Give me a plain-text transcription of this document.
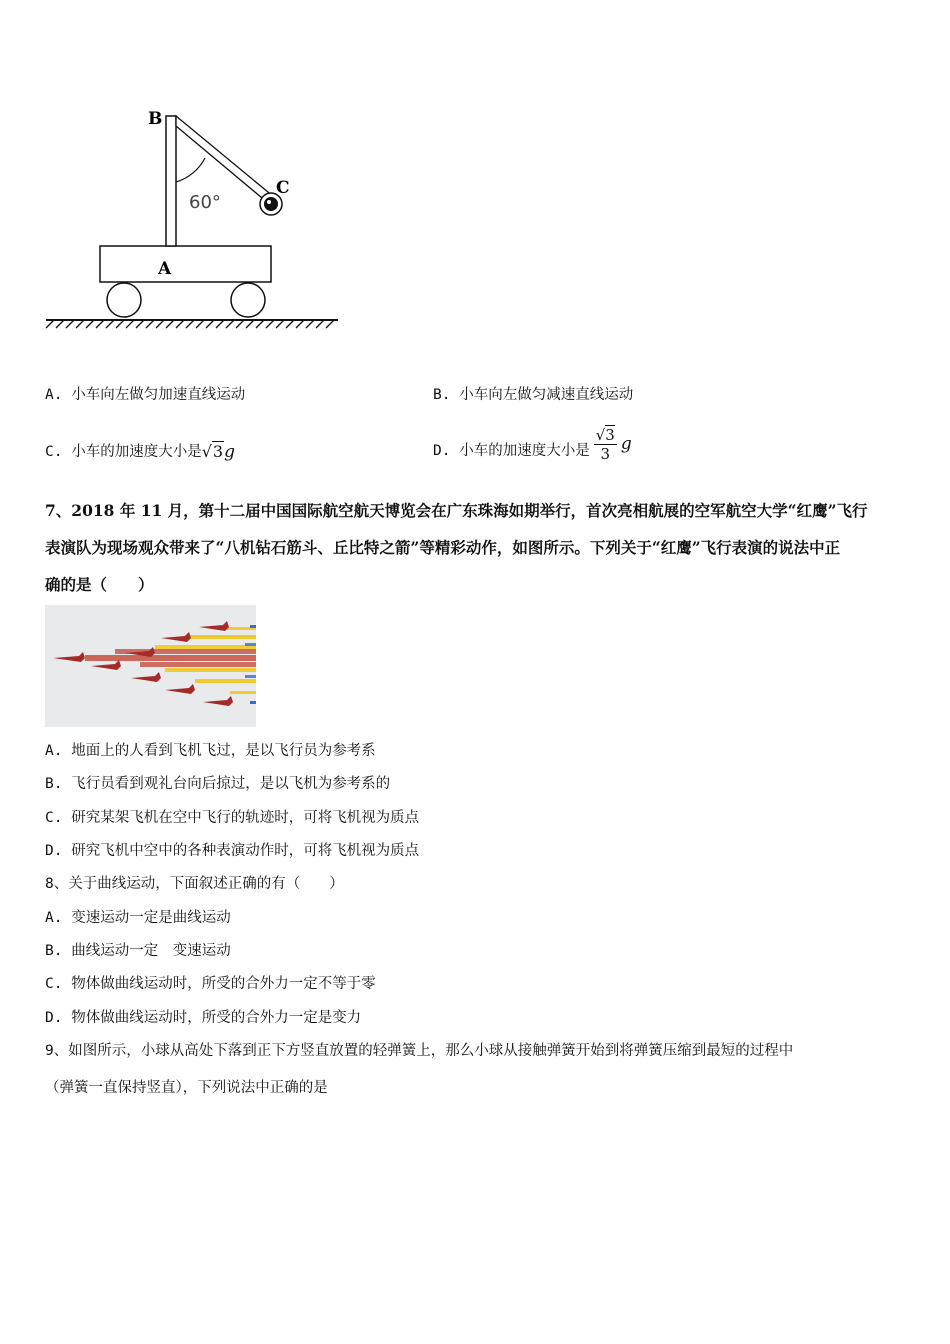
B
C
A
60°
A. 小车向左做匀加速直线运动	B. 小车向左做匀减速直线运动
C. 小车的加速度大小是 √3 g	D. 小车的加速度大小是 $\frac{√3}{3}$ g
7、2018 年 11 月，第十二届中国国际航空航天博览会在广东珠海如期举行，首次亮相航展的空军航空大学“红鹰”飞行
表演队为现场观众带来了“八机钻石筋斗、丘比特之箭”等精彩动作，如图所示。下列关于“红鹰”飞行表演的说法中正
确的是（　　）
A. 地面上的人看到飞机飞过，是以飞行员为参考系
B. 飞行员看到观礼台向后掠过，是以飞机为参考系的
C. 研究某架飞机在空中飞行的轨迹时，可将飞机视为质点
D. 研究飞机中空中的各种表演动作时，可将飞机视为质点
8、关于曲线运动，下面叙述正确的有（　　）
A. 变速运动一定是曲线运动
B. 曲线运动一定　变速运动
C. 物体做曲线运动时，所受的合外力一定不等于零
D. 物体做曲线运动时，所受的合外力一定是变力
9、如图所示，小球从高处下落到正下方竖直放置的轻弹簧上，那么小球从接触弹簧开始到将弹簧压缩到最短的过程中
（弹簧一直保持竖直），下列说法中正确的是
